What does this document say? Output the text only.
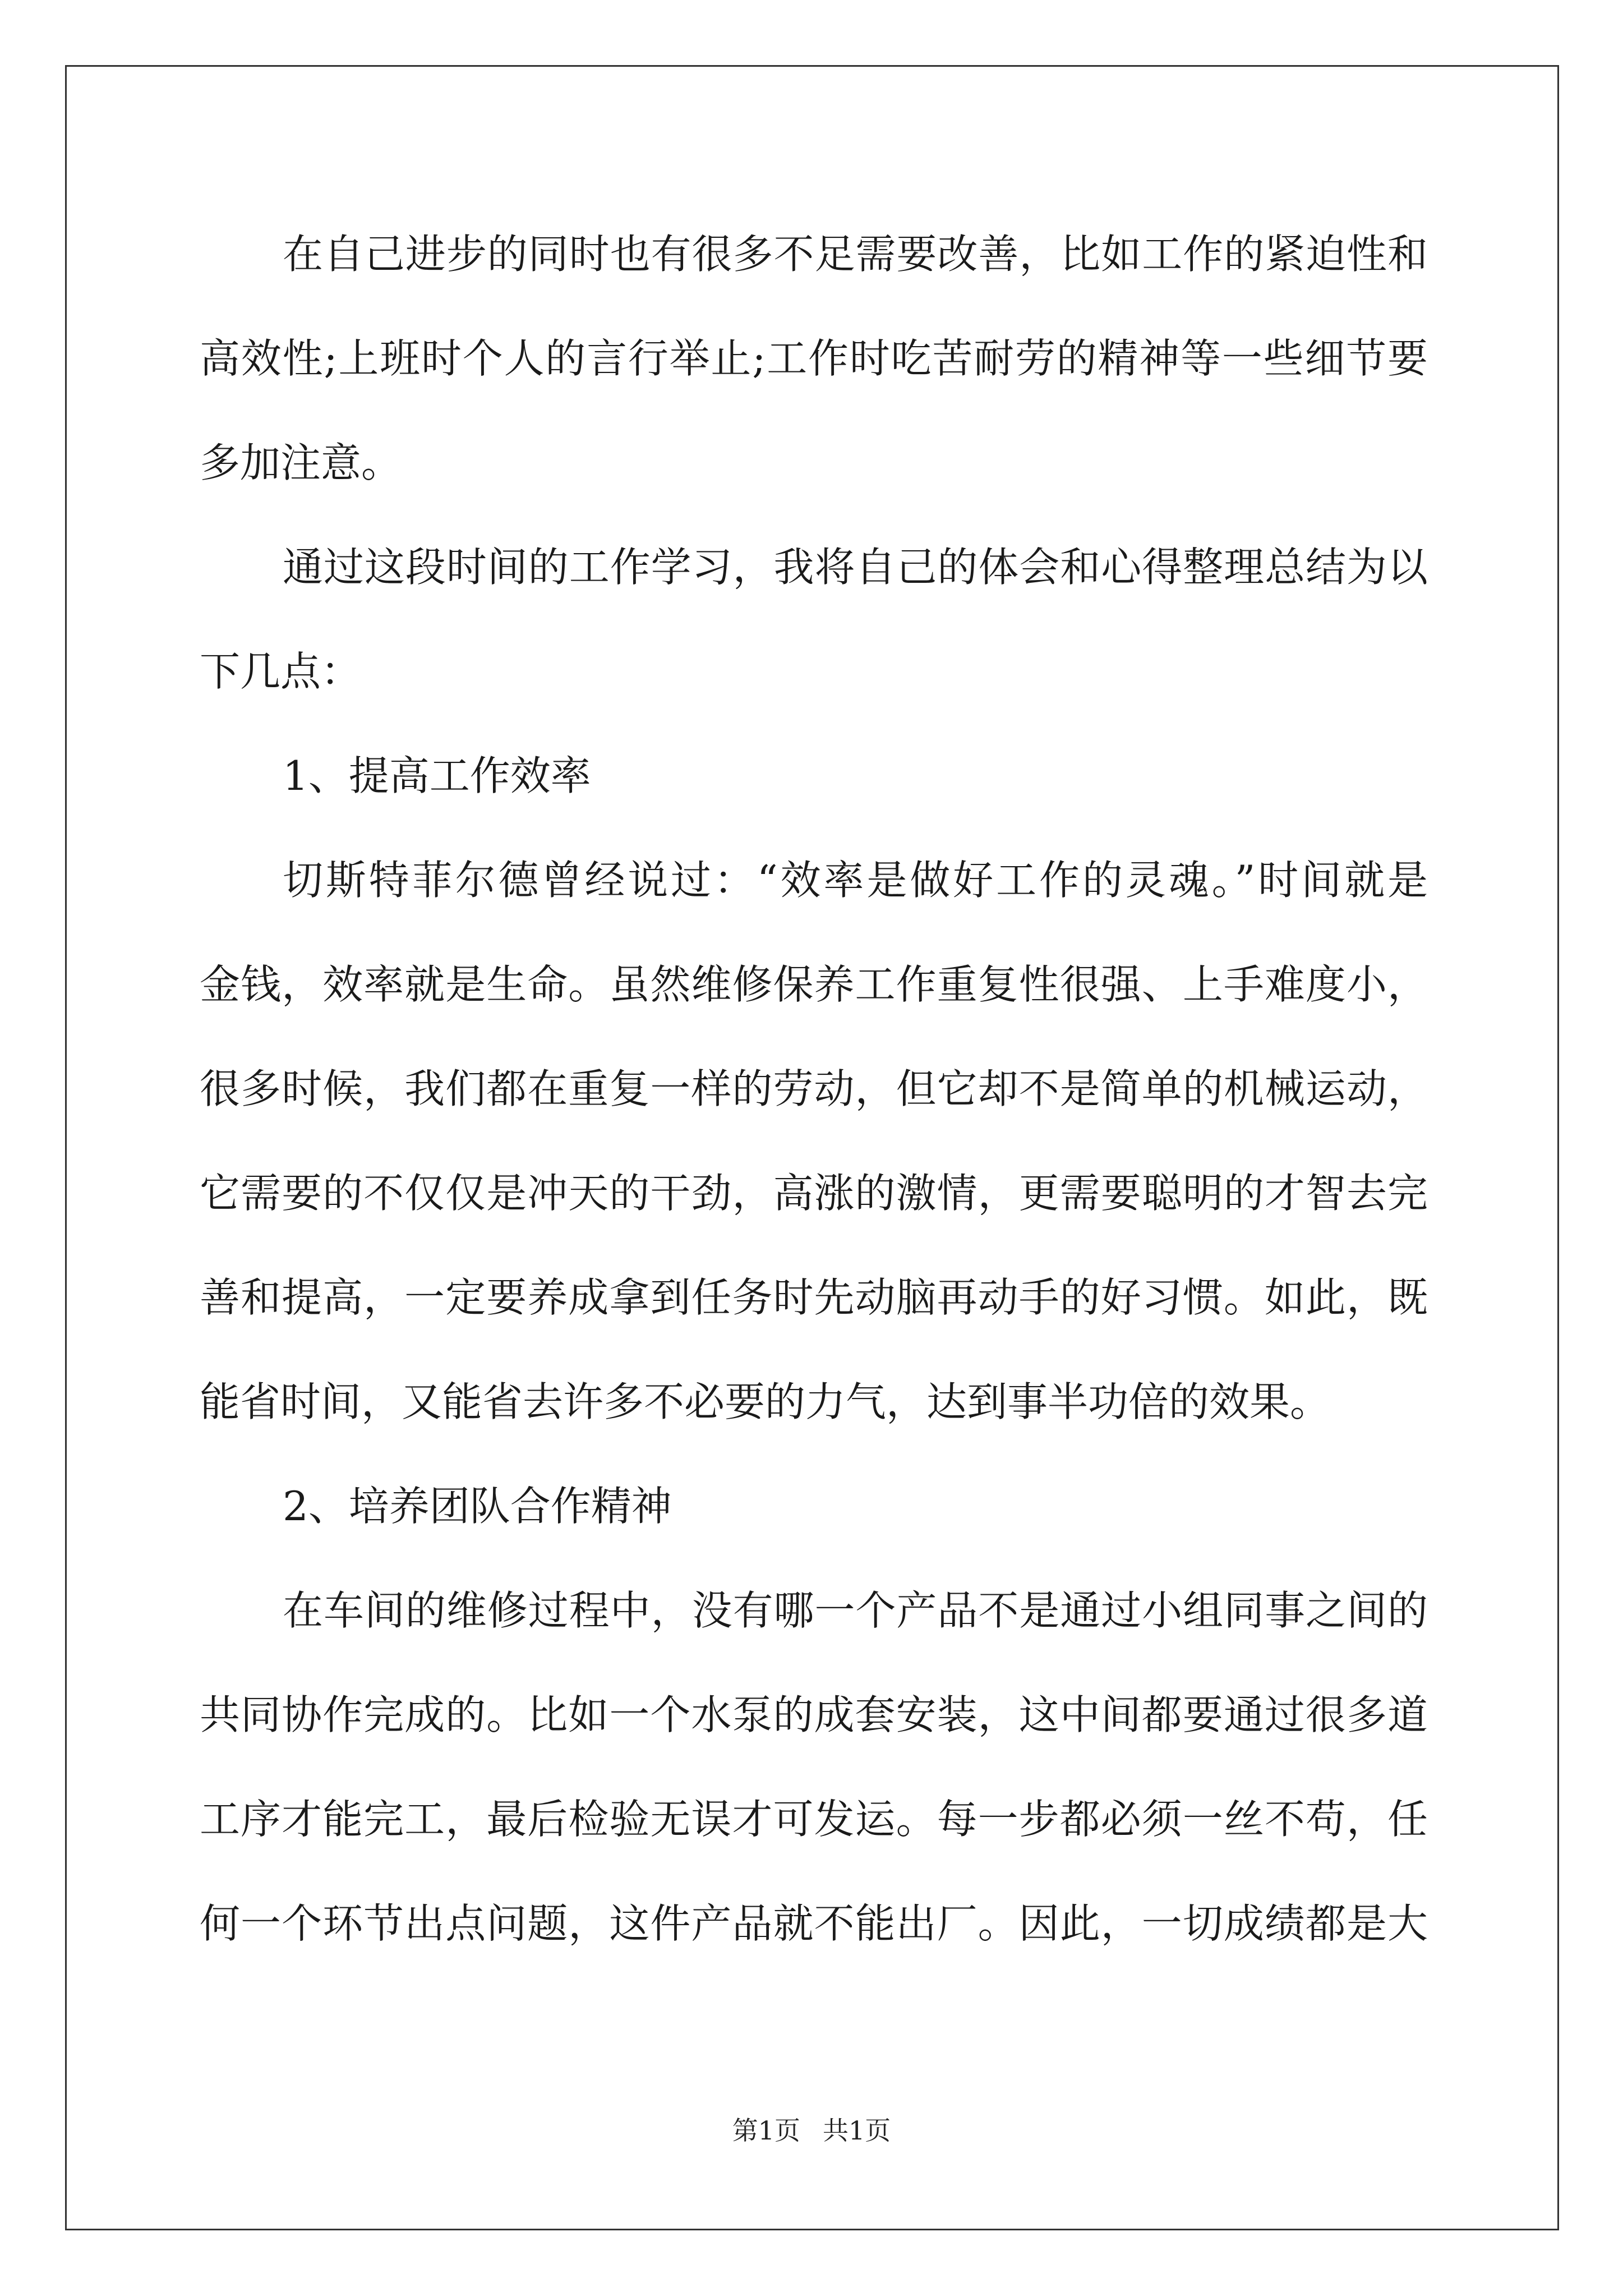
在自己进步的同时也有很多不足需要改善，比如工作的紧迫性和
高效性;上班时个人的言行举止;工作时吃苦耐劳的精神等一些细节要
多加注意。
通过这段时间的工作学习，我将自己的体会和心得整理总结为以
下几点：
1、提高工作效率
切斯特菲尔德曾经说过：“效率是做好工作的灵魂。”时间就是
金钱，效率就是生命。虽然维修保养工作重复性很强、上手难度小，
很多时候，我们都在重复一样的劳动，但它却不是简单的机械运动，
它需要的不仅仅是冲天的干劲，高涨的激情，更需要聪明的才智去完
善和提高，一定要养成拿到任务时先动脑再动手的好习惯。如此，既
能省时间，又能省去许多不必要的力气，达到事半功倍的效果。
2、培养团队合作精神
在车间的维修过程中，没有哪一个产品不是通过小组同事之间的
共同协作完成的。比如一个水泵的成套安装，这中间都要通过很多道
工序才能完工，最后检验无误才可发运。每一步都必须一丝不苟，任
何一个环节出点问题，这件产品就不能出厂。因此，一切成绩都是大
第1页 共1页
